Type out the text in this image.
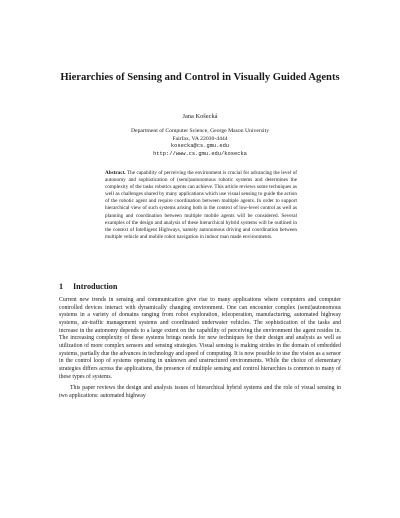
Hierarchies of Sensing and Control in Visually Guided Agents
Jana Košecká
Department of Computer Science, George Mason University
Fairfax, VA 22030-4444
kosecka@cs.gmu.edu
http://www.cs.gmu.edu/kosecka
Abstract. The capability of perceiving the environment is crucial for advancing the level of autonomy and sophistication of (semi)autonomous robotic systems and determines the complexity of the tasks robotics agents can achieve. This article reviews some techniques as well as challenges shared by many applications which use visual sensing to guide the action of the robotic agent and require coordination between multiple agents. In order to support hierarchical view of such systems arising both in the context of low-level control as well as planning and coordination between multiple mobile agents will be considered. Several examples of the design and analysis of these hierarchical hybrid systems will be outlined in the context of Intelligent Highways, namely autonomous driving and coordination between multiple vehicle and mobile robot navigation in indoor man made environments.
1 Introduction

Current new trends in sensing and communication give rise to many applications where computers and computer controlled devices interact with dynamically changing environment. One can encounter complex (semi)autonomous systems in a variety of domains ranging from robot exploration, teleoperation, manufacturing, automated highway systems, air-traffic management systems and coordinated underwater vehicles. The sophistication of the tasks and increase in the autonomy depends to a large extent on the capability of perceiving the environment the agent resides in. The increasing complexity of these systems brings needs for new techniques for their design and analysis as well as utilization of more complex sensors and sensing strategies. Visual sensing is making strides in the domain of embedded systems, partially due the advances in technology and speed of computing. It is now possible to use the vision as a sensor in the control loop of systems operating in unknown and unstructured environments. While the choice of elementary strategies differs across the applications, the presence of multiple sensing and control hierarchies is common to many of these types of systems.

This paper reviews the design and analysis issues of hierarchical hybrid systems and the role of visual sensing in two applications: automated highway
